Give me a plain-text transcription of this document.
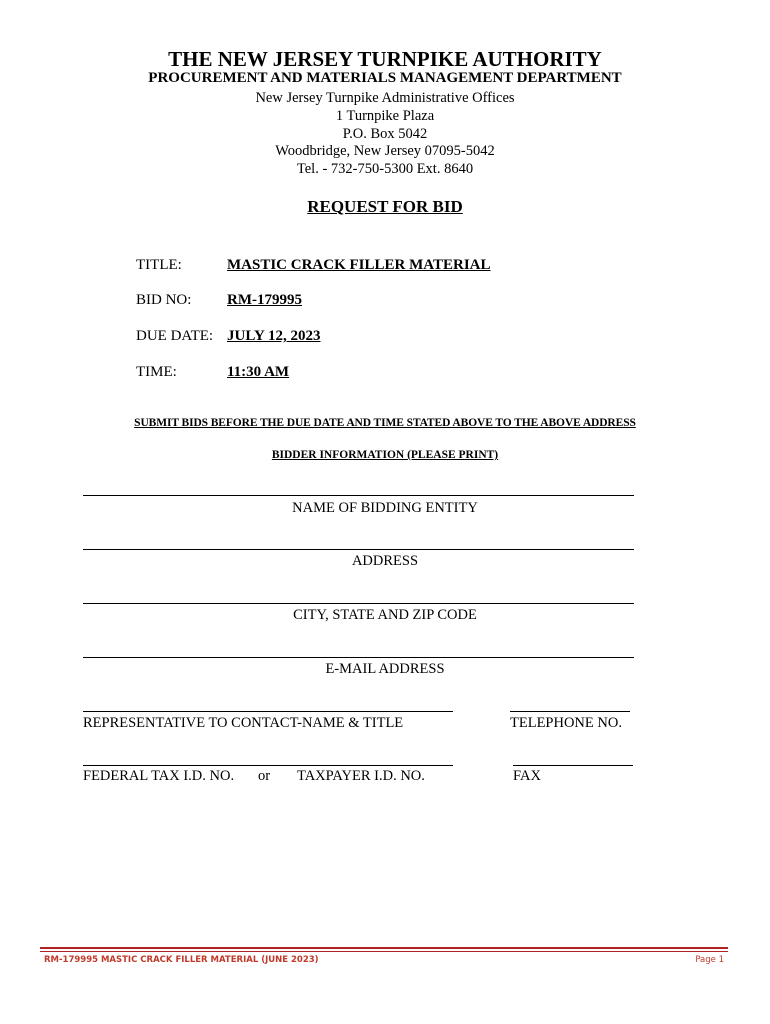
THE NEW JERSEY TURNPIKE AUTHORITY
PROCUREMENT AND MATERIALS MANAGEMENT DEPARTMENT
New Jersey Turnpike Administrative Offices
1 Turnpike Plaza
P.O. Box 5042
Woodbridge, New Jersey 07095-5042
Tel. - 732-750-5300 Ext. 8640
REQUEST FOR BID
TITLE:	MASTIC CRACK FILLER MATERIAL
BID NO: RM-179995
DUE DATE: JULY 12, 2023
TIME:	11:30 AM
SUBMIT BIDS BEFORE THE DUE DATE AND TIME STATED ABOVE TO THE ABOVE ADDRESS
BIDDER INFORMATION (PLEASE PRINT)
NAME OF BIDDING ENTITY
ADDRESS
CITY, STATE AND ZIP CODE
E-MAIL ADDRESS
REPRESENTATIVE TO CONTACT-NAME & TITLE	TELEPHONE NO.
FEDERAL TAX I.D. NO. or TAXPAYER I.D. NO.	FAX
RM-179995 MASTIC CRACK FILLER MATERIAL (JUNE 2023)	Page 1
